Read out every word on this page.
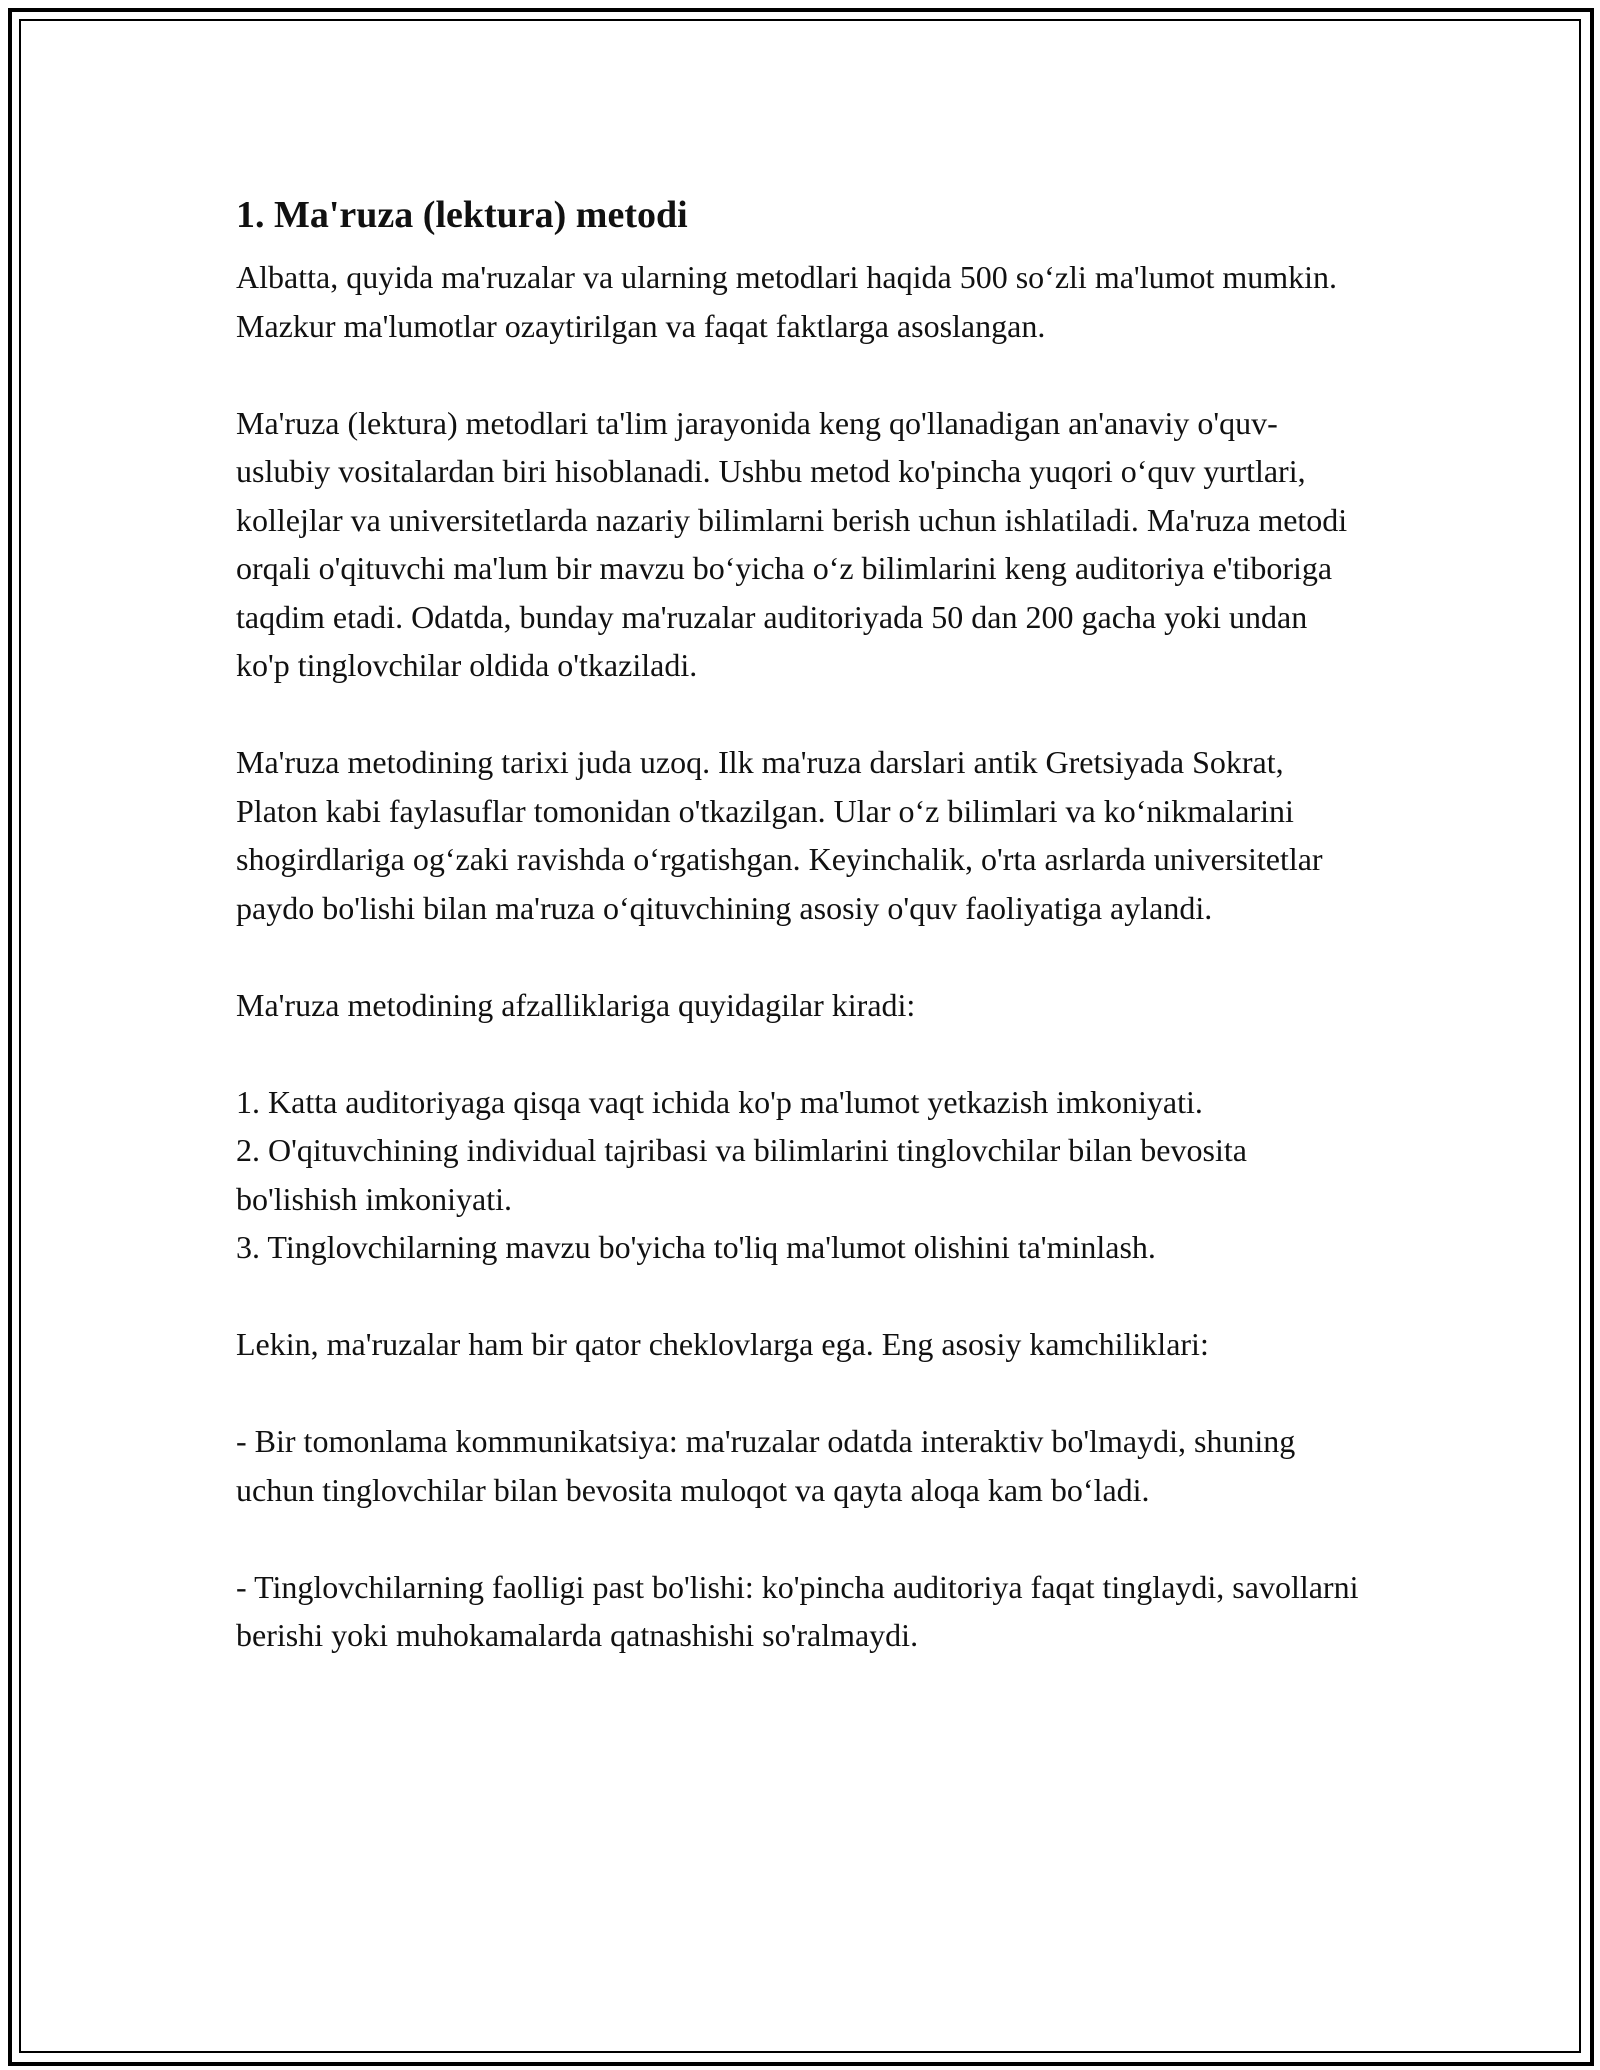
1. Ma'ruza (lektura) metodi

Albatta, quyida ma'ruzalar va ularning metodlari haqida 500 so‘zli ma'lumot mumkin. Mazkur ma'lumotlar ozaytirilgan va faqat faktlarga asoslangan.

Ma'ruza (lektura) metodlari ta'lim jarayonida keng qo'llanadigan an'anaviy o'quv-uslubiy vositalardan biri hisoblanadi. Ushbu metod ko'pincha yuqori o‘quv yurtlari, kollejlar va universitetlarda nazariy bilimlarni berish uchun ishlatiladi. Ma'ruza metodi orqali o'qituvchi ma'lum bir mavzu bo‘yicha o‘z bilimlarini keng auditoriya e'tiboriga taqdim etadi. Odatda, bunday ma'ruzalar auditoriyada 50 dan 200 gacha yoki undan ko'p tinglovchilar oldida o'tkaziladi.

Ma'ruza metodining tarixi juda uzoq. Ilk ma'ruza darslari antik Gretsiyada Sokrat, Platon kabi faylasuflar tomonidan o'tkazilgan. Ular o‘z bilimlari va ko‘nikmalarini shogirdlariga og‘zaki ravishda o‘rgatishgan. Keyinchalik, o'rta asrlarda universitetlar paydo bo'lishi bilan ma'ruza o‘qituvchining asosiy o'quv faoliyatiga aylandi.

Ma'ruza metodining afzalliklariga quyidagilar kiradi:

1. Katta auditoriyaga qisqa vaqt ichida ko'p ma'lumot yetkazish imkoniyati.
2. O'qituvchining individual tajribasi va bilimlarini tinglovchilar bilan bevosita bo'lishish imkoniyati.
3. Tinglovchilarning mavzu bo'yicha to'liq ma'lumot olishini ta'minlash.

Lekin, ma'ruzalar ham bir qator cheklovlarga ega. Eng asosiy kamchiliklari:

- Bir tomonlama kommunikatsiya: ma'ruzalar odatda interaktiv bo'lmaydi, shuning uchun tinglovchilar bilan bevosita muloqot va qayta aloqa kam bo‘ladi.

- Tinglovchilarning faolligi past bo'lishi: ko'pincha auditoriya faqat tinglaydi, savollarni berishi yoki muhokamalarda qatnashishi so'ralmaydi.
